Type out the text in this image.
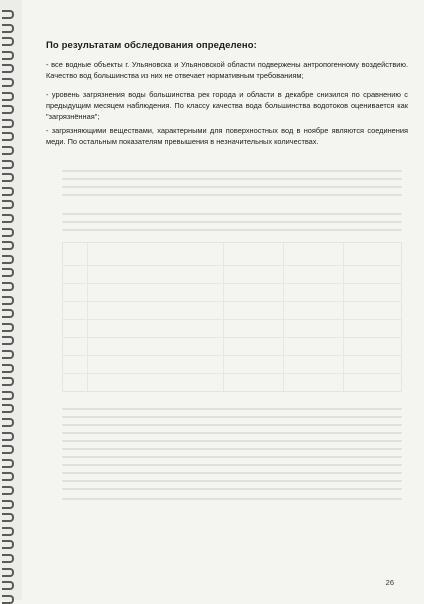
По результатам обследования определено:
- все водные объекты г. Ульяновска и Ульяновской области подвержены антропогенному воздействию. Качество вод большинства из них не отвечает нормативным требованиям;
- уровень загрязнения воды большинства рек города и области в декабре снизился по сравнению с предыдущим месяцем наблюдения. По классу качества вода большинства водотоков оценивается как "загрязнённая";
- загрязняющими веществами, характерными для поверхностных вод в ноябре являются соединения меди. По остальным показателям превышения в незначительных количествах.
26
